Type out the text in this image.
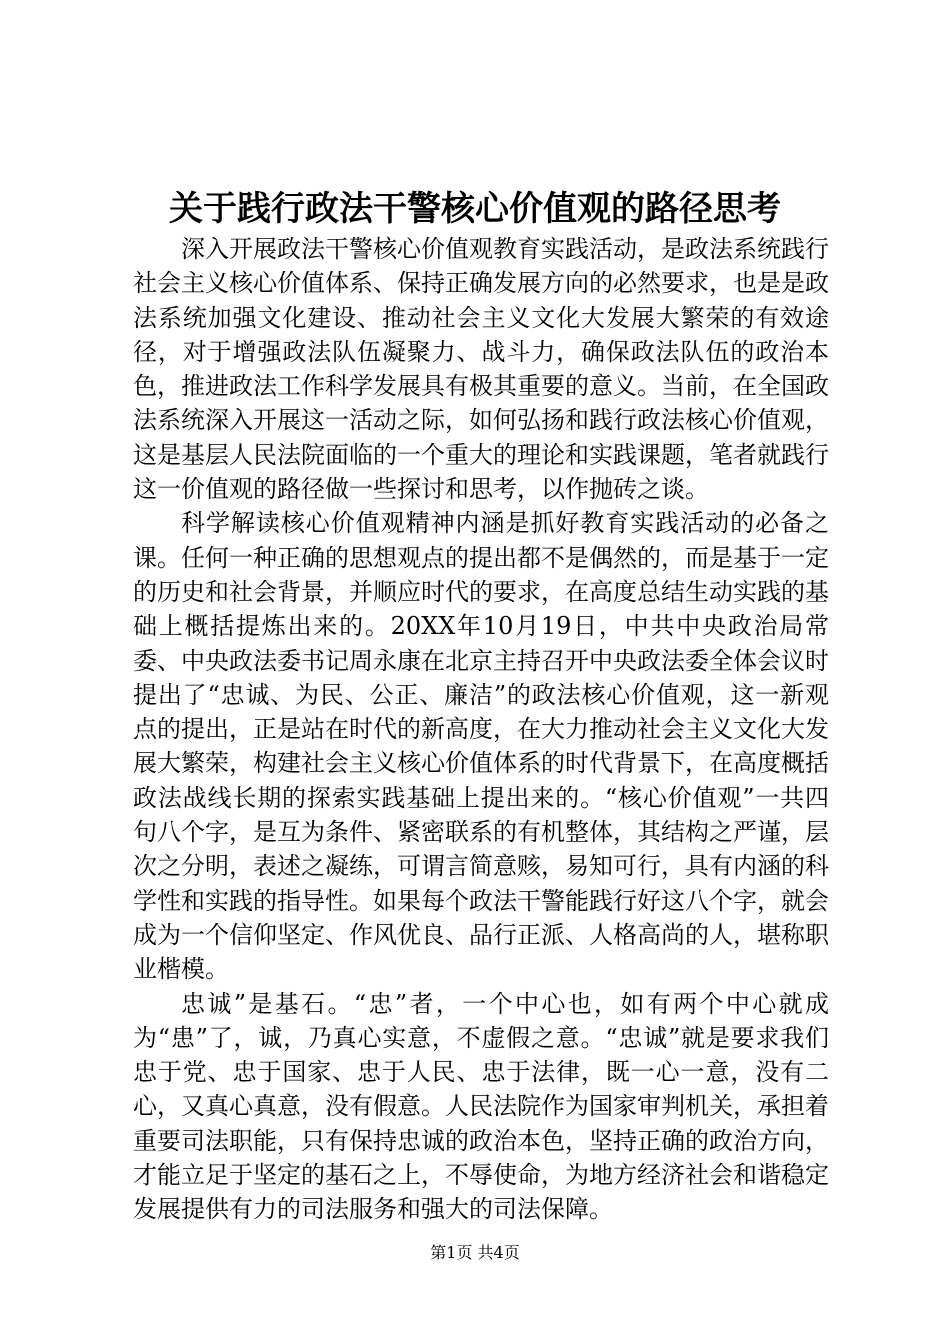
关于践行政法干警核心价值观的路径思考

深入开展政法干警核心价值观教育实践活动，是政法系统践行社会主义核心价值体系、保持正确发展方向的必然要求，也是是政法系统加强文化建设、推动社会主义文化大发展大繁荣的有效途径，对于增强政法队伍凝聚力、战斗力，确保政法队伍的政治本色，推进政法工作科学发展具有极其重要的意义。当前，在全国政法系统深入开展这一活动之际，如何弘扬和践行政法核心价值观，这是基层人民法院面临的一个重大的理论和实践课题，笔者就践行这一价值观的路径做一些探讨和思考，以作抛砖之谈。

科学解读核心价值观精神内涵是抓好教育实践活动的必备之课。任何一种正确的思想观点的提出都不是偶然的，而是基于一定的历史和社会背景，并顺应时代的要求，在高度总结生动实践的基础上概括提炼出来的。20XX年10月19日，中共中央政治局常委、中央政法委书记周永康在北京主持召开中央政法委全体会议时提出了“忠诚、为民、公正、廉洁”的政法核心价值观，这一新观点的提出，正是站在时代的新高度，在大力推动社会主义文化大发展大繁荣，构建社会主义核心价值体系的时代背景下，在高度概括政法战线长期的探索实践基础上提出来的。“核心价值观”一共四句八个字，是互为条件、紧密联系的有机整体，其结构之严谨，层次之分明，表述之凝练，可谓言简意赅，易知可行，具有内涵的科学性和实践的指导性。如果每个政法干警能践行好这八个字，就会成为一个信仰坚定、作风优良、品行正派、人格高尚的人，堪称职业楷模。

忠诚”是基石。“忠”者，一个中心也，如有两个中心就成为“患”了，诚，乃真心实意，不虚假之意。“忠诚”就是要求我们忠于党、忠于国家、忠于人民、忠于法律，既一心一意，没有二心，又真心真意，没有假意。人民法院作为国家审判机关，承担着重要司法职能，只有保持忠诚的政治本色，坚持正确的政治方向，才能立足于坚定的基石之上，不辱使命，为地方经济社会和谐稳定发展提供有力的司法服务和强大的司法保障。

第1页 共4页
